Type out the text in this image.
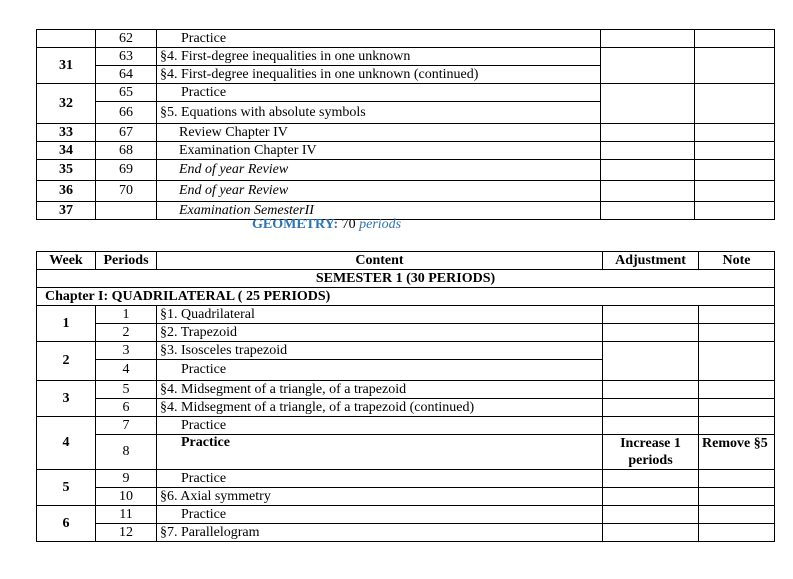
	62	Practice		
31	63	§4. First-degree inequalities in one unknown		
	64	§4. First-degree inequalities in one unknown (continued)		
32	65	Practice		
	66	§5. Equations with absolute symbols		
33	67	Review Chapter IV		
34	68	Examination Chapter IV		
35	69	End of year Review		
36	70	End of year Review		
37		Examination SemesterII		
GEOMETRY: 70 periods
Week	Periods	Content	Adjustment	Note
SEMESTER 1 (30 PERIODS)				
Chapter I: QUADRILATERAL ( 25 PERIODS)				
1	1	§1. Quadrilateral		
	2	§2. Trapezoid		
2	3	§3. Isosceles trapezoid		
	4	Practice		
3	5	§4. Midsegment of a triangle, of a trapezoid		
	6	§4. Midsegment of a triangle, of a trapezoid (continued)		
4	7	Practice		
	8	Practice	Increase 1 periods	Remove §5
5	9	Practice		
	10	§6. Axial symmetry		
6	11	Practice		
	12	§7. Parallelogram		
